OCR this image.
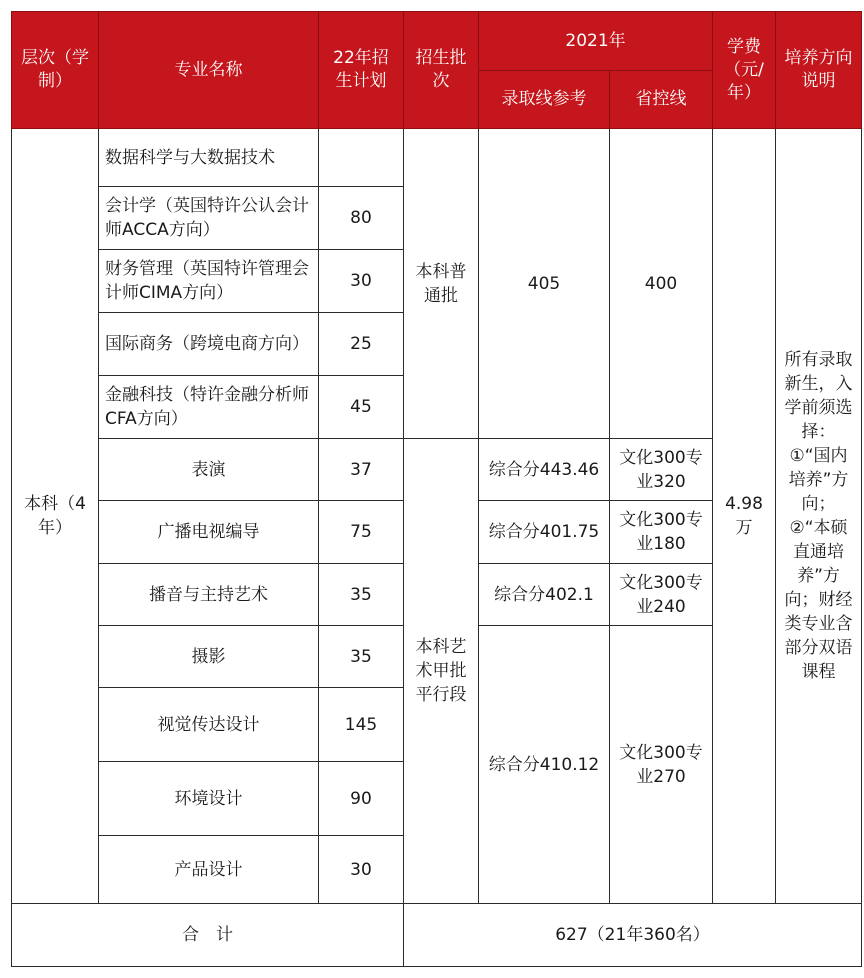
层次（学制）	专业名称	22年招生计划	招生批次	2021年		学费（元/年）	培养方向说明
				录取线参考	省控线		
本科（4年）	数据科学与大数据技术		本科普通批	405	400	4.98万	所有录取新生，入学前须选择：①“国内培养”方向；②“本硕直通培养”方向；财经类专业含部分双语课程
	会计学（英国特许公认会计师ACCA方向）	80					
	财务管理（英国特许管理会计师CIMA方向）	30					
	国际商务（跨境电商方向）	25					
	金融科技（特许金融分析师CFA方向）	45					
	表演	37	本科艺术甲批平行段	综合分443.46	文化300专业320		
	广播电视编导	75		综合分401.75	文化300专业180		
	播音与主持艺术	35		综合分402.1	文化300专业240		
	摄影	35		综合分410.12	文化300专业270		
	视觉传达设计	145					
	环境设计	90					
	产品设计	30					
合　计			627（21年360名）				
